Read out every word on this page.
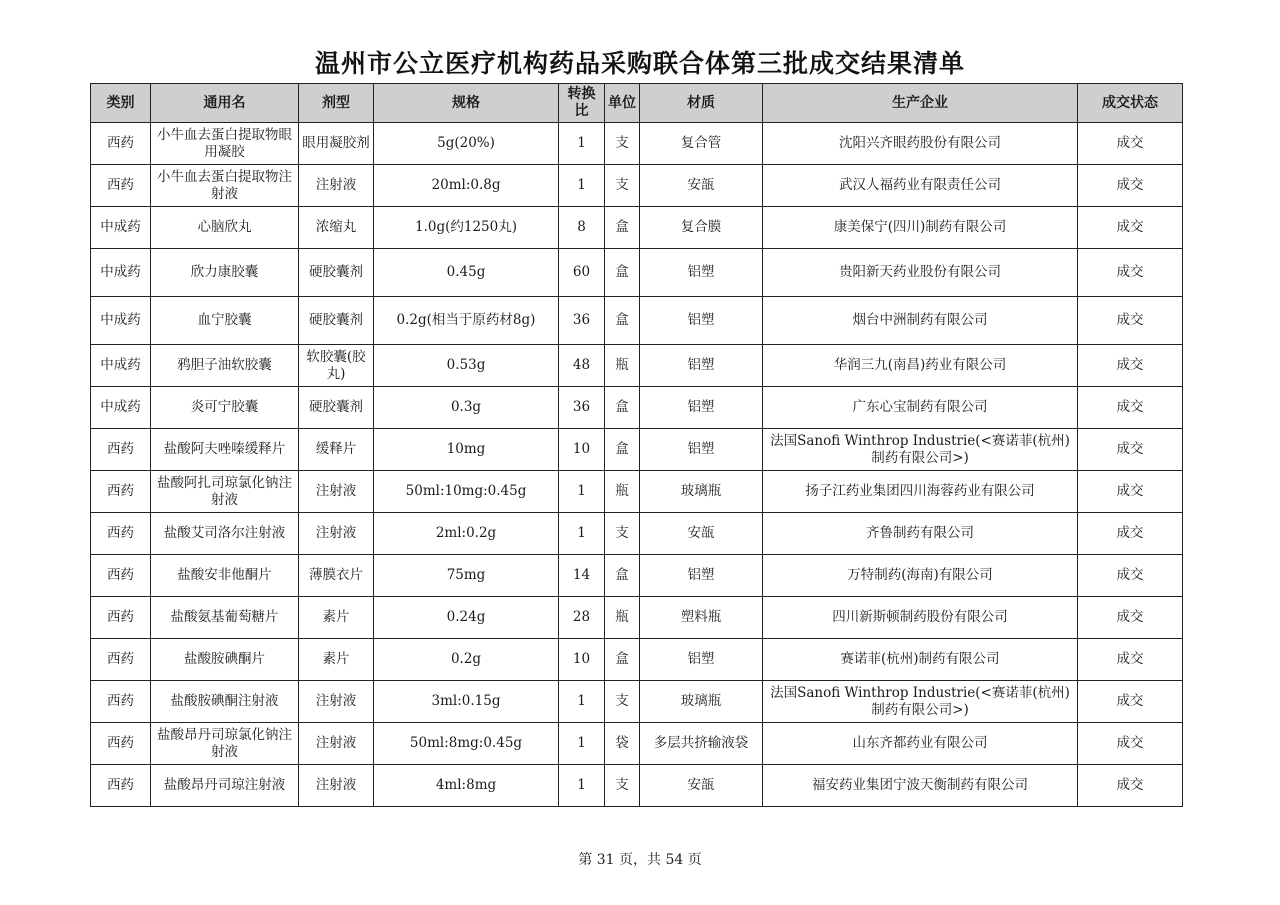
温州市公立医疗机构药品采购联合体第三批成交结果清单
类别	通用名	剂型	规格	转换比	单位	材质	生产企业	成交状态
西药	小牛血去蛋白提取物眼用凝胶	眼用凝胶剂	5g(20%)	1	支	复合管	沈阳兴齐眼药股份有限公司	成交
西药	小牛血去蛋白提取物注射液	注射液	20ml:0.8g	1	支	安瓿	武汉人福药业有限责任公司	成交
中成药	心脑欣丸	浓缩丸	1.0g(约1250丸)	8	盒	复合膜	康美保宁(四川)制药有限公司	成交
中成药	欣力康胶囊	硬胶囊剂	0.45g	60	盒	铝塑	贵阳新天药业股份有限公司	成交
中成药	血宁胶囊	硬胶囊剂	0.2g(相当于原药材8g)	36	盒	铝塑	烟台中洲制药有限公司	成交
中成药	鸦胆子油软胶囊	软胶囊(胶丸)	0.53g	48	瓶	铝塑	华润三九(南昌)药业有限公司	成交
中成药	炎可宁胶囊	硬胶囊剂	0.3g	36	盒	铝塑	广东心宝制药有限公司	成交
西药	盐酸阿夫唑嗪缓释片	缓释片	10mg	10	盒	铝塑	法国Sanofi Winthrop Industrie(<赛诺菲(杭州)制药有限公司>)	成交
西药	盐酸阿扎司琼氯化钠注射液	注射液	50ml:10mg:0.45g	1	瓶	玻璃瓶	扬子江药业集团四川海蓉药业有限公司	成交
西药	盐酸艾司洛尔注射液	注射液	2ml:0.2g	1	支	安瓿	齐鲁制药有限公司	成交
西药	盐酸安非他酮片	薄膜衣片	75mg	14	盒	铝塑	万特制药(海南)有限公司	成交
西药	盐酸氨基葡萄糖片	素片	0.24g	28	瓶	塑料瓶	四川新斯顿制药股份有限公司	成交
西药	盐酸胺碘酮片	素片	0.2g	10	盒	铝塑	赛诺菲(杭州)制药有限公司	成交
西药	盐酸胺碘酮注射液	注射液	3ml:0.15g	1	支	玻璃瓶	法国Sanofi Winthrop Industrie(<赛诺菲(杭州)制药有限公司>)	成交
西药	盐酸昂丹司琼氯化钠注射液	注射液	50ml:8mg:0.45g	1	袋	多层共挤输液袋	山东齐都药业有限公司	成交
西药	盐酸昂丹司琼注射液	注射液	4ml:8mg	1	支	安瓿	福安药业集团宁波天衡制药有限公司	成交
第 31 页，共 54 页
